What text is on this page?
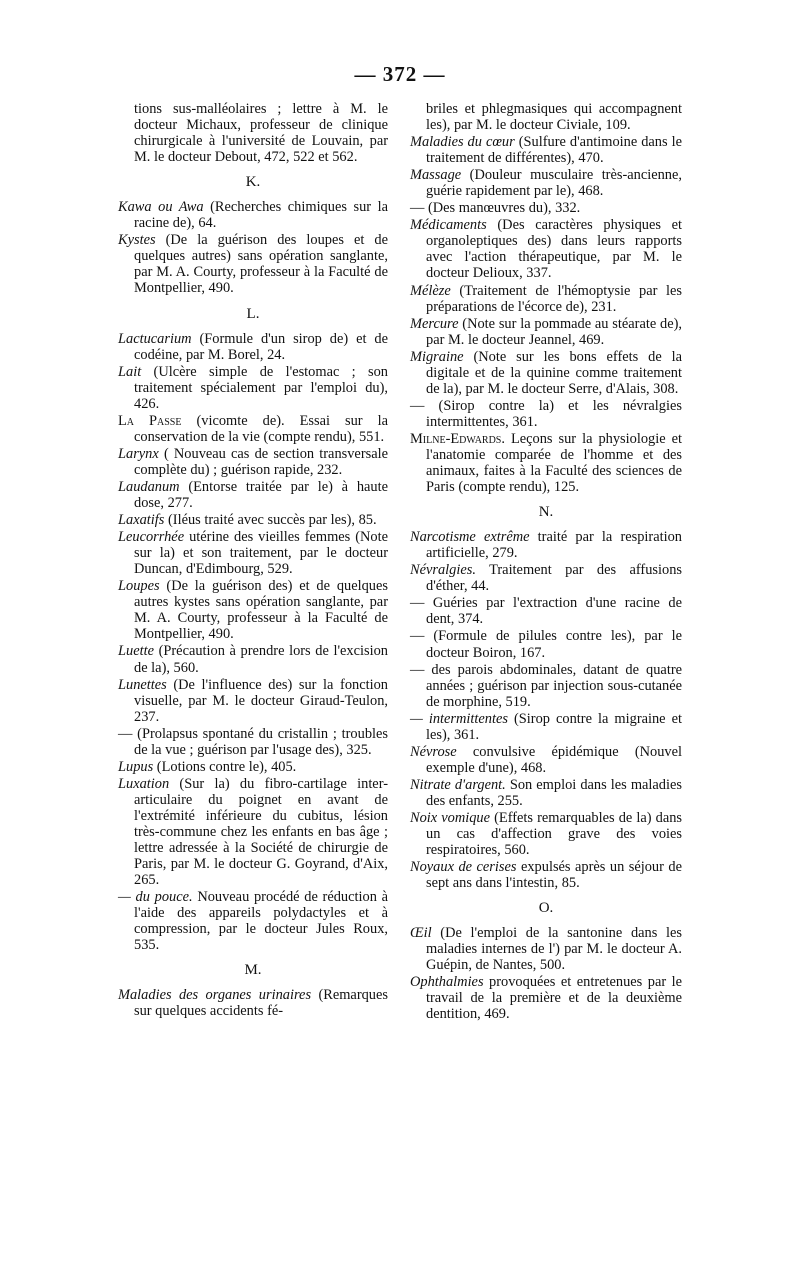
— 372 —

tions sus-malléolaires ; lettre à M. le docteur Michaux, professeur de clinique chirurgicale à l'université de Louvain, par M. le docteur Debout, 472, 522 et 562.

K.

Kawa ou Awa (Recherches chimiques sur la racine de), 64.

Kystes (De la guérison des loupes et de quelques autres) sans opération sanglante, par M. A. Courty, professeur à la Faculté de Montpellier, 490.

L.

Lactucarium (Formule d'un sirop de) et de codéine, par M. Borel, 24.

Lait (Ulcère simple de l'estomac ; son traitement spécialement par l'emploi du), 426.

La Passe (vicomte de). Essai sur la conservation de la vie (compte rendu), 551.

Larynx ( Nouveau cas de section transversale complète du) ; guérison rapide, 232.

Laudanum (Entorse traitée par le) à haute dose, 277.

Laxatifs (Iléus traité avec succès par les), 85.

Leucorrhée utérine des vieilles femmes (Note sur la) et son traitement, par le docteur Duncan, d'Edimbourg, 529.

Loupes (De la guérison des) et de quelques autres kystes sans opération sanglante, par M. A. Courty, professeur à la Faculté de Montpellier, 490.

Luette (Précaution à prendre lors de l'excision de la), 560.

Lunettes (De l'influence des) sur la fonction visuelle, par M. le docteur Giraud-Teulon, 237.

— (Prolapsus spontané du cristallin ; troubles de la vue ; guérison par l'usage des), 325.

Lupus (Lotions contre le), 405.

Luxation (Sur la) du fibro-cartilage inter-articulaire du poignet en avant de l'extrémité inférieure du cubitus, lésion très-commune chez les enfants en bas âge ; lettre adressée à la Société de chirurgie de Paris, par M. le docteur G. Goyrand, d'Aix, 265.

— du pouce. Nouveau procédé de réduction à l'aide des appareils polydactyles et à compression, par le docteur Jules Roux, 535.

M.

Maladies des organes urinaires (Remarques sur quelques accidents fé-

briles et phlegmasiques qui accompagnent les), par M. le docteur Civiale, 109.

Maladies du cœur (Sulfure d'antimoine dans le traitement de différentes), 470.

Massage (Douleur musculaire très-ancienne, guérie rapidement par le), 468.

— (Des manœuvres du), 332.

Médicaments (Des caractères physiques et organoleptiques des) dans leurs rapports avec l'action thérapeutique, par M. le docteur Delioux, 337.

Mélèze (Traitement de l'hémoptysie par les préparations de l'écorce de), 231.

Mercure (Note sur la pommade au stéarate de), par M. le docteur Jeannel, 469.

Migraine (Note sur les bons effets de la digitale et de la quinine comme traitement de la), par M. le docteur Serre, d'Alais, 308.

— (Sirop contre la) et les névralgies intermittentes, 361.

Milne-Edwards. Leçons sur la physiologie et l'anatomie comparée de l'homme et des animaux, faites à la Faculté des sciences de Paris (compte rendu), 125.

N.

Narcotisme extrême traité par la respiration artificielle, 279.

Névralgies. Traitement par des affusions d'éther, 44.

— Guéries par l'extraction d'une racine de dent, 374.

— (Formule de pilules contre les), par le docteur Boiron, 167.

— des parois abdominales, datant de quatre années ; guérison par injection sous-cutanée de morphine, 519.

— intermittentes (Sirop contre la migraine et les), 361.

Névrose convulsive épidémique (Nouvel exemple d'une), 468.

Nitrate d'argent. Son emploi dans les maladies des enfants, 255.

Noix vomique (Effets remarquables de la) dans un cas d'affection grave des voies respiratoires, 560.

Noyaux de cerises expulsés après un séjour de sept ans dans l'intestin, 85.

O.

Œil (De l'emploi de la santonine dans les maladies internes de l') par M. le docteur A. Guépin, de Nantes, 500.

Ophthalmies provoquées et entretenues par le travail de la première et de la deuxième dentition, 469.
